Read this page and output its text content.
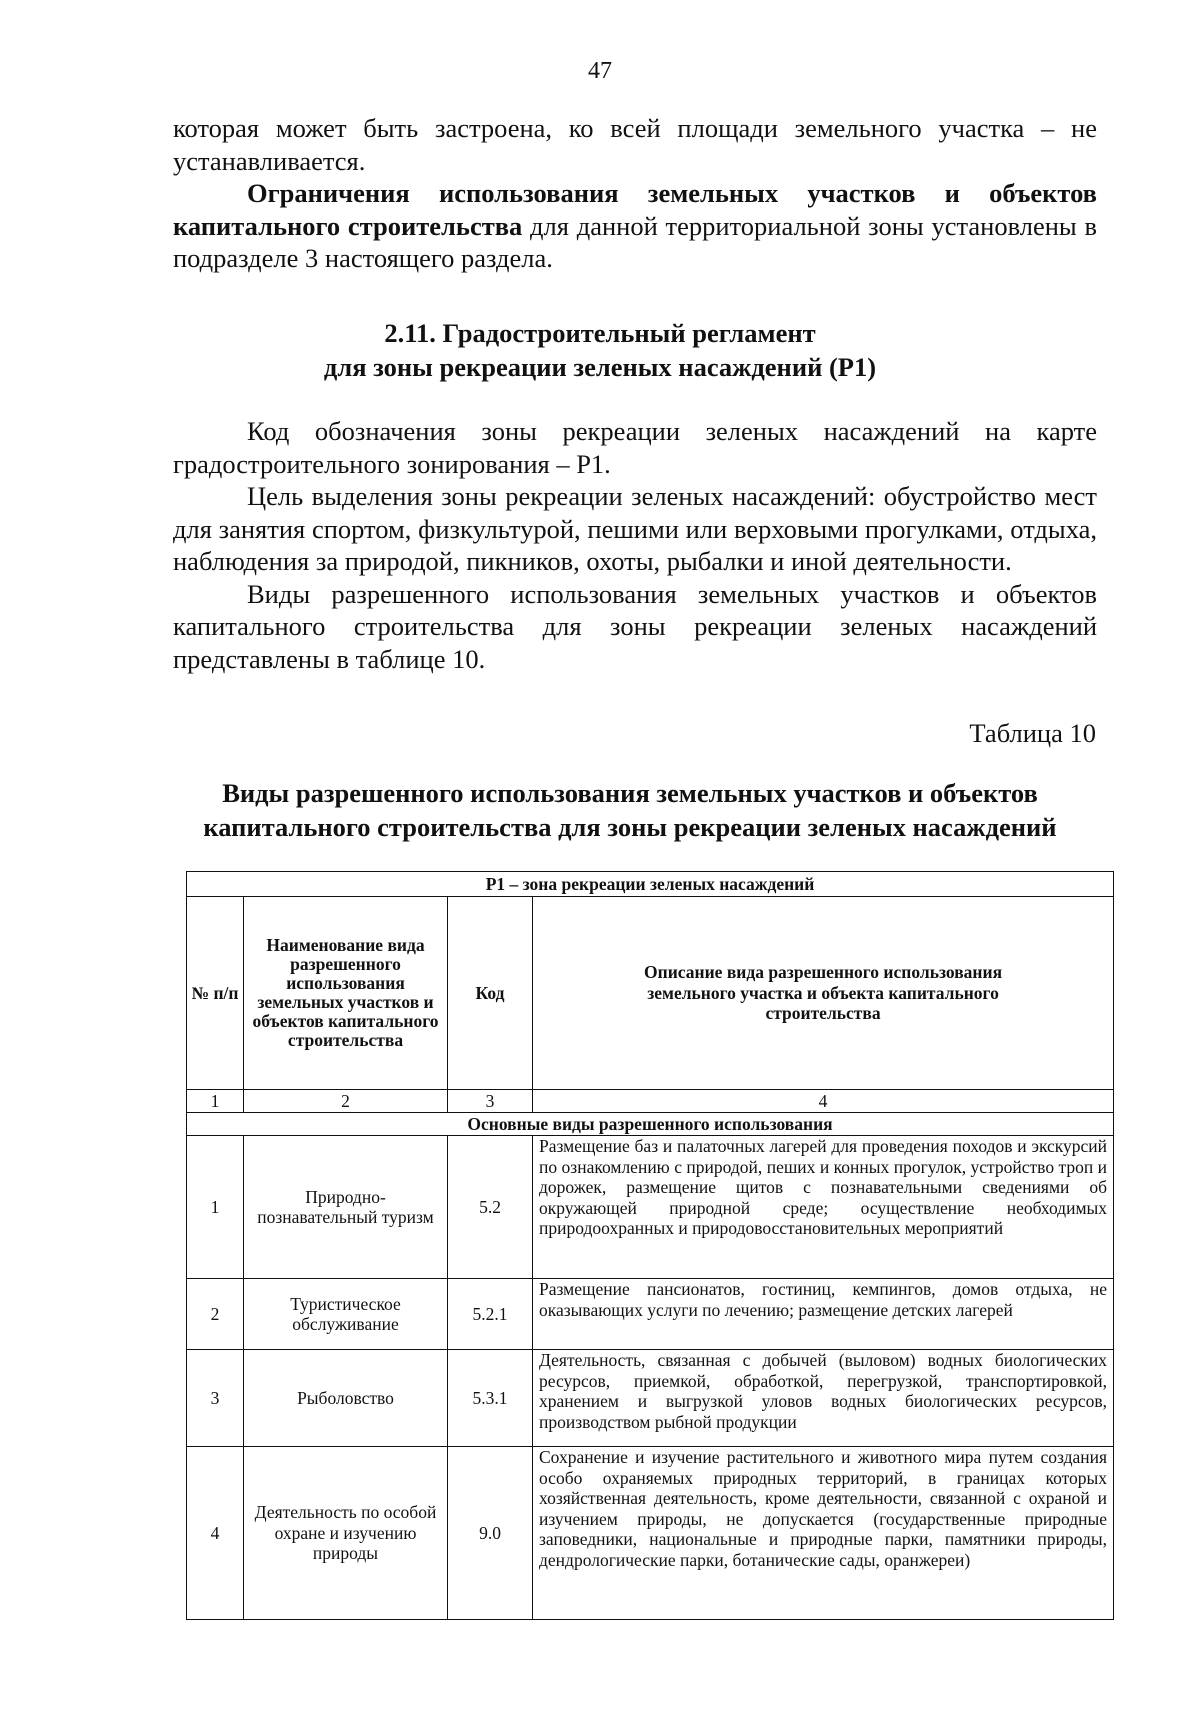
47

которая может быть застроена, ко всей площади земельного участка – не устанавливается.

Ограничения использования земельных участков и объектов капитального строительства для данной территориальной зоны установлены в подразделе 3 настоящего раздела.

2.11. Градостроительный регламент
для зоны рекреации зеленых насаждений (Р1)

Код обозначения зоны рекреации зеленых насаждений на карте градостроительного зонирования – Р1.

Цель выделения зоны рекреации зеленых насаждений: обустройство мест для занятия спортом, физкультурой, пешими или верховыми прогулками, отдыха, наблюдения за природой, пикников, охоты, рыбалки и иной деятельности.

Виды разрешенного использования земельных участков и объектов капитального строительства для зоны рекреации зеленых насаждений представлены в таблице 10.

Таблица 10
Виды разрешенного использования земельных участков и объектов
капитального строительства для зоны рекреации зеленых насаждений
Р1 – зона рекреации зеленых насаждений			
№ п/п	Наименование вида разрешенного использования земельных участков и объектов капитального строительства	Код	Описание вида разрешенного использования земельного участка и объекта капитального строительства
1	2	3	4
Основные виды разрешенного использования			
1	Природно-познавательный туризм	5.2	Размещение баз и палаточных лагерей для проведения походов и экскурсий по ознакомлению с природой, пеших и конных прогулок, устройство троп и дорожек, размещение щитов с познавательными сведениями об окружающей природной среде; осуществление необходимых природоохранных и природовосстановительных мероприятий
2	Туристическое обслуживание	5.2.1	Размещение пансионатов, гостиниц, кемпингов, домов отдыха, не оказывающих услуги по лечению; размещение детских лагерей
3	Рыболовство	5.3.1	Деятельность, связанная с добычей (выловом) водных биологических ресурсов, приемкой, обработкой, перегрузкой, транспортировкой, хранением и выгрузкой уловов водных биологических ресурсов, производством рыбной продукции
4	Деятельность по особой охране и изучению природы	9.0	Сохранение и изучение растительного и животного мира путем создания особо охраняемых природных территорий, в границах которых хозяйственная деятельность, кроме деятельности, связанной с охраной и изучением природы, не допускается (государственные природные заповедники, национальные и природные парки, памятники природы, дендрологические парки, ботанические сады, оранжереи)
